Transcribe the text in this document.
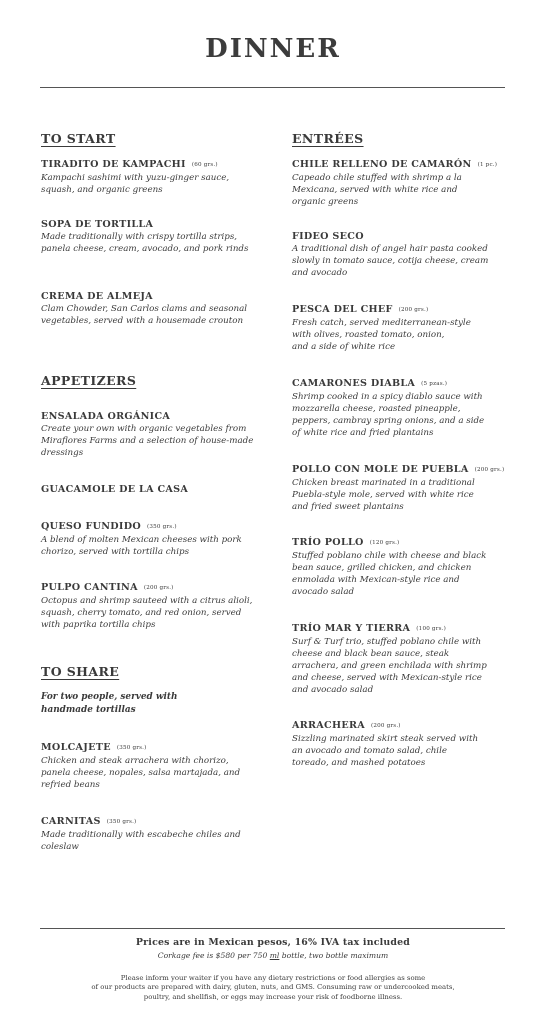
DINNER
TO START
TIRADITO DE KAMPACHI (60 grs.)
Kampachi sashimi with yuzu-ginger sauce,
squash, and organic greens
SOPA DE TORTILLA
Made traditionally with crispy tortilla strips,
panela cheese, cream, avocado, and pork rinds
CREMA DE ALMEJA
Clam Chowder, San Carlos clams and seasonal
vegetables, served with a housemade crouton
APPETIZERS
ENSALADA ORGÁNICA
Create your own with organic vegetables from
Miraflores Farms and a selection of house-made
dressings
GUACAMOLE DE LA CASA
QUESO FUNDIDO (350 grs.)
A blend of molten Mexican cheeses with pork
chorizo, served with tortilla chips
PULPO CANTINA (200 grs.)
Octopus and shrimp sauteed with a citrus alioli,
squash, cherry tomato, and red onion, served
with paprika tortilla chips
TO SHARE
For two people, served with
handmade tortillas
MOLCAJETE (350 grs.)
Chicken and steak arrachera with chorizo,
panela cheese, nopales, salsa martajada, and
refried beans
CARNITAS (350 grs.)
Made traditionally with escabeche chiles and
coleslaw
ENTRÉES
CHILE RELLENO DE CAMARÓN (1 pc.)
Capeado chile stuffed with shrimp a la
Mexicana, served with white rice and
organic greens
FIDEO SECO
A traditional dish of angel hair pasta cooked
slowly in tomato sauce, cotija cheese, cream
and avocado
PESCA DEL CHEF (200 grs.)
Fresh catch, served mediterranean-style
with olives, roasted tomato, onion,
and a side of white rice
CAMARONES DIABLA (5 pzas.)
Shrimp cooked in a spicy diablo sauce with
mozzarella cheese, roasted pineapple,
peppers, cambray spring onions, and a side
of white rice and fried plantains
POLLO CON MOLE DE PUEBLA (200 grs.)
Chicken breast marinated in a traditional
Puebla-style mole, served with white rice
and fried sweet plantains
TRÍO POLLO (120 grs.)
Stuffed poblano chile with cheese and black
bean sauce, grilled chicken, and chicken
enmolada with Mexican-style rice and
avocado salad
TRÍO MAR Y TIERRA (100 grs.)
Surf & Turf trio, stuffed poblano chile with
cheese and black bean sauce, steak
arrachera, and green enchilada with shrimp
and cheese, served with Mexican-style rice
and avocado salad
ARRACHERA (200 grs.)
Sizzling marinated skirt steak served with
an avocado and tomato salad, chile
toreado, and mashed potatoes
Prices are in Mexican pesos, 16% IVA tax included
Corkage fee is $580 per 750 ml bottle, two bottle maximum
Please inform your waiter if you have any dietary restrictions or food allergies as some
of our products are prepared with dairy, gluten, nuts, and GMS. Consuming raw or undercooked meats,
poultry, and shellfish, or eggs may increase your risk of foodborne illness.
